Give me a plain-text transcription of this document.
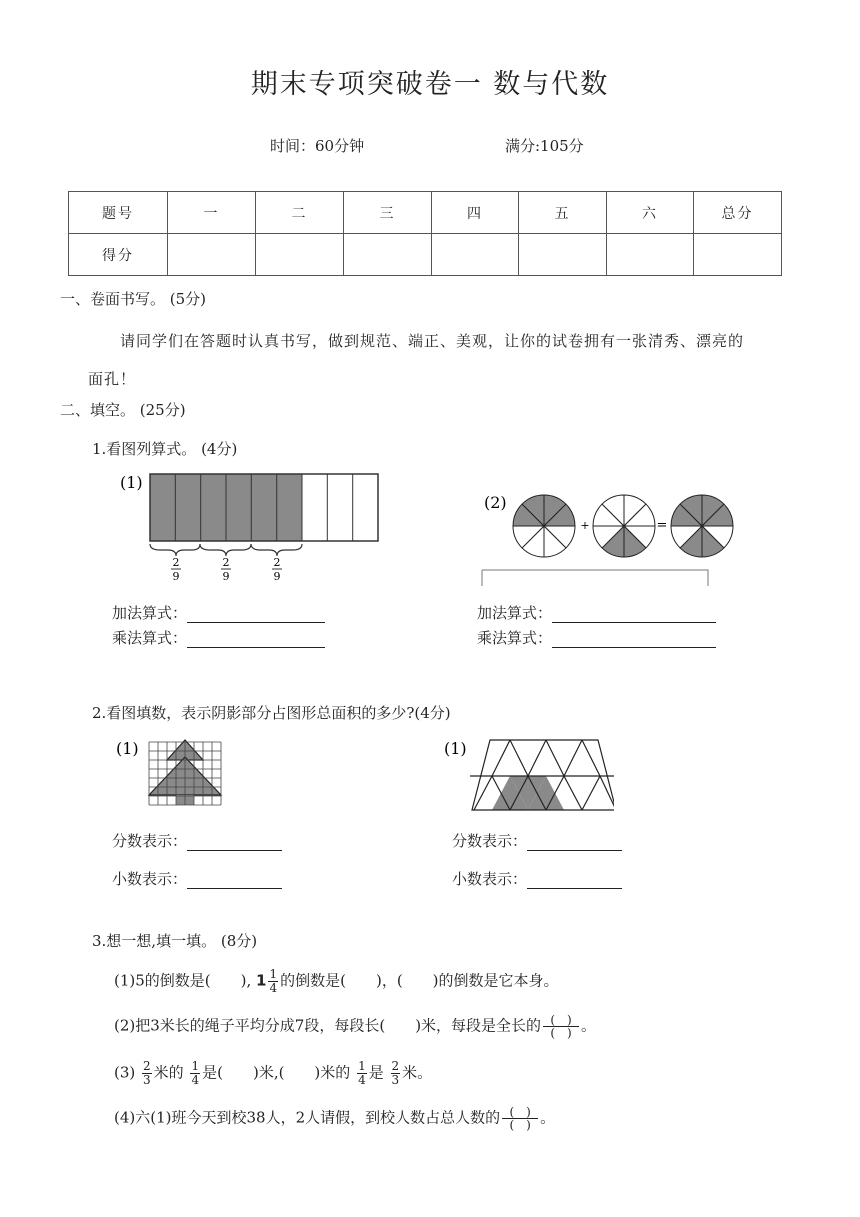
期末专项突破卷一 数与代数
时间：60分钟	满分:105分
题号	一	二	三	四	五	六	总分
得分							
一、卷面书写。 (5分)
请同学们在答题时认真书写，做到规范、端正、美观，让你的试卷拥有一张清秀、漂亮的
面孔！
二、填空。 (25分)
1.看图列算式。 (4分)
(1)
2
9
2
9
2
9
(2)
+	=
加法算式：
乘法算式：
加法算式：
乘法算式：
2.看图填数，表示阴影部分占图形总面积的多少?(4分)
(1)	(1)
分数表示：
小数表示：
分数表示：
小数表示：
3.想一想,填一填。 (8分)
(1)5的倒数是(　　), $1 \frac{1}{4}$ 的倒数是(　　)，(　　)的倒数是它本身。
(2)把3米长的绳子平均分成7段，每段长(　　)米，每段是全长的 (　)
(　) 。
$(3) \frac{2}{3}$ 米的 $\frac{1}{4}$ 是(　　)米,(　　)米的 $\frac{1}{4}$ 是 $\frac{2}{3}$ 米。
(4)六(1)班今天到校38人，2人请假，到校人数占总人数的 (　)
(　) 。
